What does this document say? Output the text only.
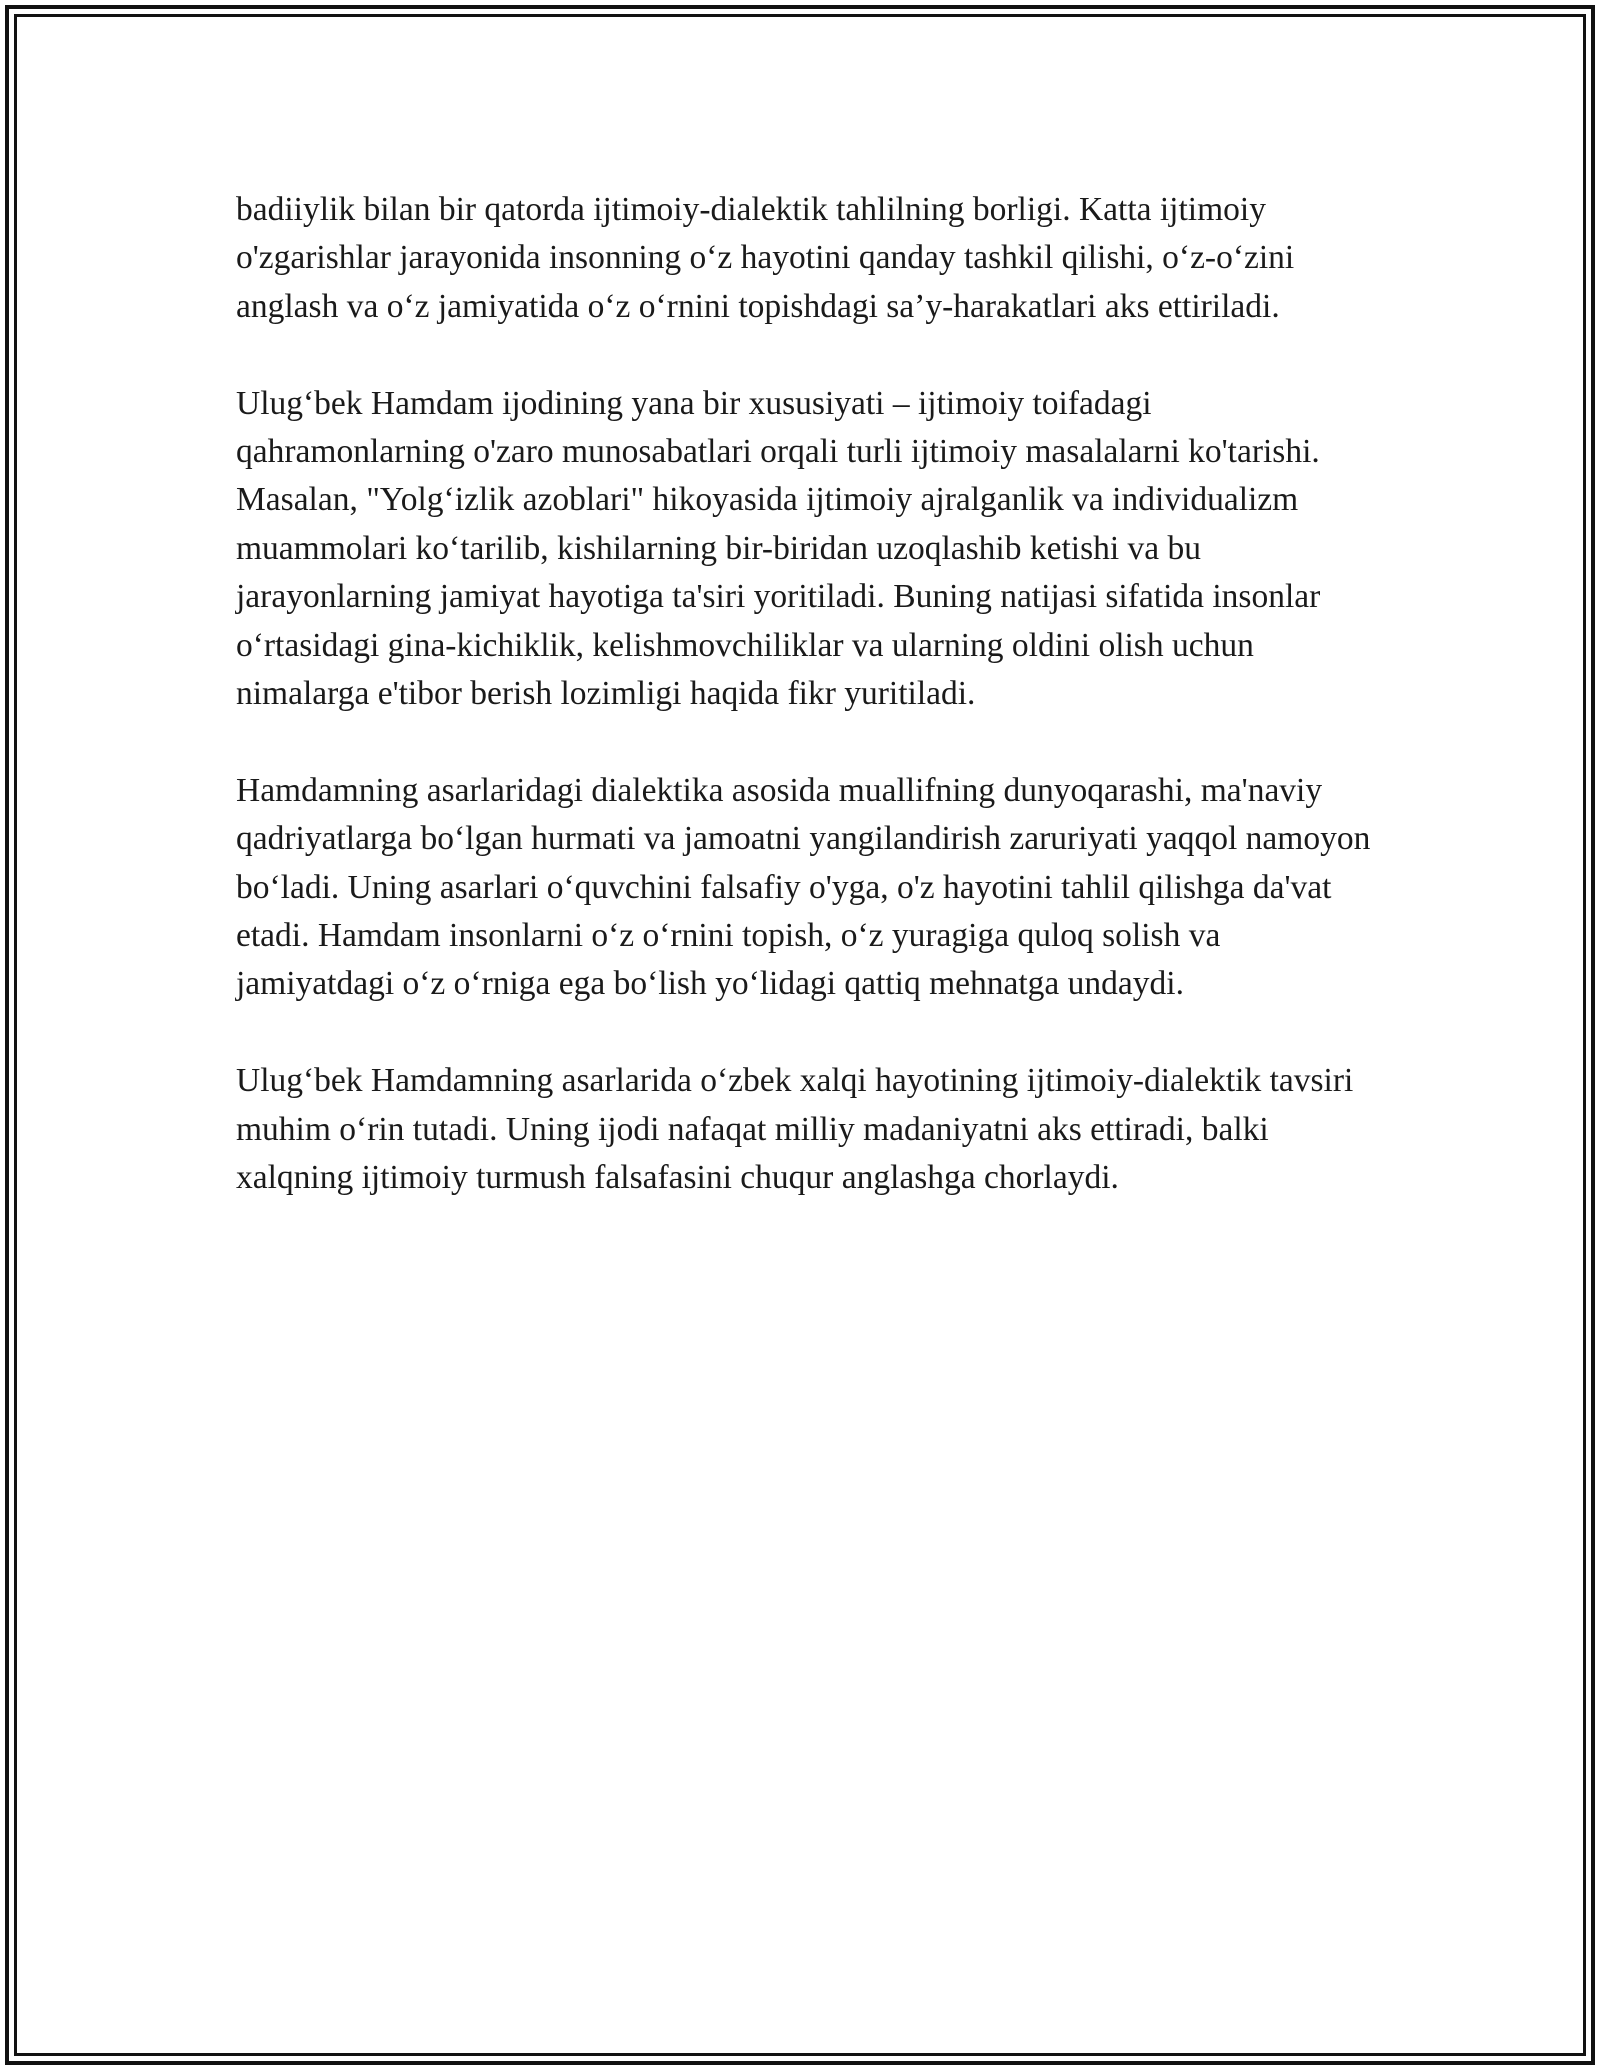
badiiylik bilan bir qatorda ijtimoiy-dialektik tahlilning borligi. Katta ijtimoiy o'zgarishlar jarayonida insonning o‘z hayotini qanday tashkil qilishi, o‘z-o‘zini anglash va o‘z jamiyatida o‘z o‘rnini topishdagi sa’y-harakatlari aks ettiriladi.

Ulug‘bek Hamdam ijodining yana bir xususiyati – ijtimoiy toifadagi qahramonlarning o'zaro munosabatlari orqali turli ijtimoiy masalalarni ko'tarishi. Masalan, "Yolg‘izlik azoblari" hikoyasida ijtimoiy ajralganlik va individualizm muammolari ko‘tarilib, kishilarning bir-biridan uzoqlashib ketishi va bu jarayonlarning jamiyat hayotiga ta'siri yoritiladi. Buning natijasi sifatida insonlar o‘rtasidagi gina-kichiklik, kelishmovchiliklar va ularning oldini olish uchun nimalarga e'tibor berish lozimligi haqida fikr yuritiladi.

Hamdamning asarlaridagi dialektika asosida muallifning dunyoqarashi, ma'naviy qadriyatlarga bo‘lgan hurmati va jamoatni yangilandirish zaruriyati yaqqol namoyon bo‘ladi. Uning asarlari o‘quvchini falsafiy o'yga, o'z hayotini tahlil qilishga da'vat etadi. Hamdam insonlarni o‘z o‘rnini topish, o‘z yuragiga quloq solish va jamiyatdagi o‘z o‘rniga ega bo‘lish yo‘lidagi qattiq mehnatga undaydi.

Ulug‘bek Hamdamning asarlarida o‘zbek xalqi hayotining ijtimoiy-dialektik tavsiri muhim o‘rin tutadi. Uning ijodi nafaqat milliy madaniyatni aks ettiradi, balki xalqning ijtimoiy turmush falsafasini chuqur anglashga chorlaydi.
